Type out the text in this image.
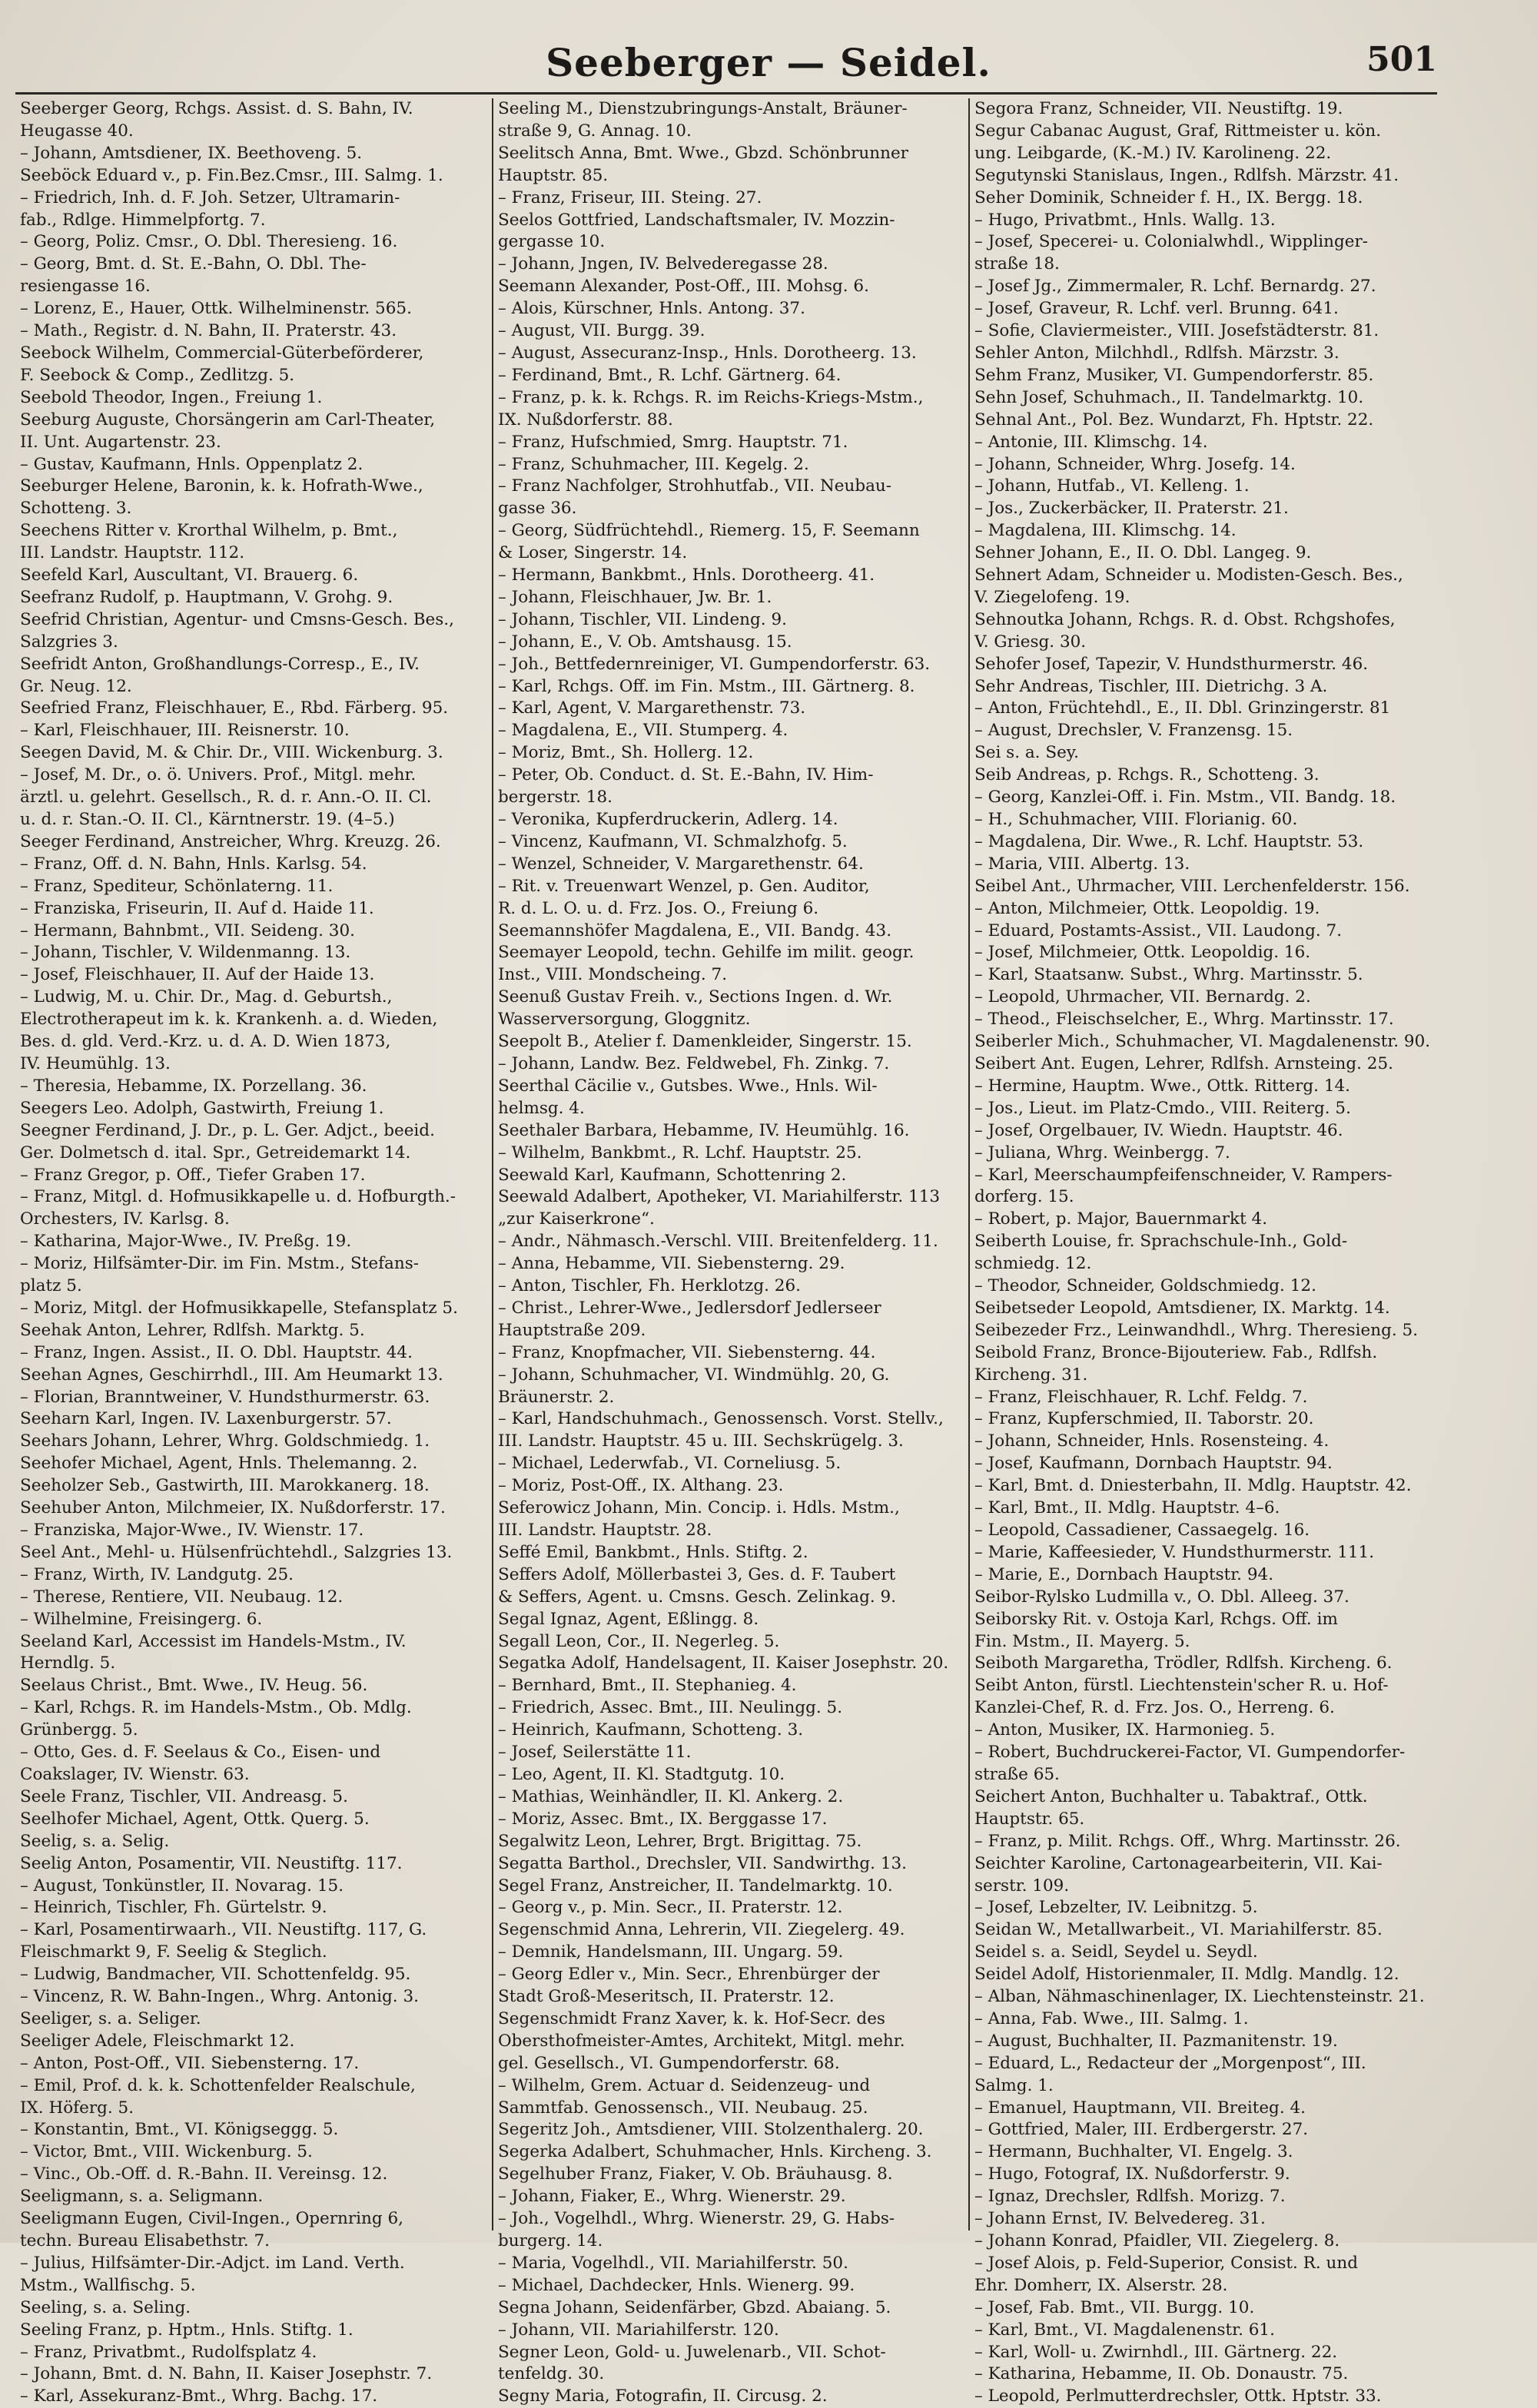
Seeberger — Seidel.	501
Seeberger Georg, Rchgs. Assist. d. S. Bahn, IV.
Heugasse 40.
– Johann, Amtsdiener, IX. Beethoveng. 5.
Seeböck Eduard v., p. Fin.Bez.Cmsr., III. Salmg. 1.
– Friedrich, Inh. d. F. Joh. Setzer, Ultramarin-
fab., Rdlge. Himmelpfortg. 7.
– Georg, Poliz. Cmsr., O. Dbl. Theresieng. 16.
– Georg, Bmt. d. St. E.-Bahn, O. Dbl. The-
resiengasse 16.
– Lorenz, E., Hauer, Ottk. Wilhelminenstr. 565.
– Math., Registr. d. N. Bahn, II. Praterstr. 43.
Seebock Wilhelm, Commercial-Güterbeförderer,
F. Seebock & Comp., Zedlitzg. 5.
Seebold Theodor, Ingen., Freiung 1.
Seeburg Auguste, Chorsängerin am Carl-Theater,
II. Unt. Augartenstr. 23.
– Gustav, Kaufmann, Hnls. Oppenplatz 2.
Seeburger Helene, Baronin, k. k. Hofrath-Wwe.,
Schotteng. 3.
Seechens Ritter v. Krorthal Wilhelm, p. Bmt.,
III. Landstr. Hauptstr. 112.
Seefeld Karl, Auscultant, VI. Brauerg. 6.
Seefranz Rudolf, p. Hauptmann, V. Grohg. 9.
Seefrid Christian, Agentur- und Cmsns-Gesch. Bes.,
Salzgries 3.
Seefridt Anton, Großhandlungs-Corresp., E., IV.
Gr. Neug. 12.
Seefried Franz, Fleischhauer, E., Rbd. Färberg. 95.
– Karl, Fleischhauer, III. Reisnerstr. 10.
Seegen David, M. & Chir. Dr., VIII. Wickenburg. 3.
– Josef, M. Dr., o. ö. Univers. Prof., Mitgl. mehr.
ärztl. u. gelehrt. Gesellsch., R. d. r. Ann.-O. II. Cl.
u. d. r. Stan.-O. II. Cl., Kärntnerstr. 19. (4–5.)
Seeger Ferdinand, Anstreicher, Whrg. Kreuzg. 26.
– Franz, Off. d. N. Bahn, Hnls. Karlsg. 54.
– Franz, Spediteur, Schönlaterng. 11.
– Franziska, Friseurin, II. Auf d. Haide 11.
– Hermann, Bahnbmt., VII. Seideng. 30.
– Johann, Tischler, V. Wildenmanng. 13.
– Josef, Fleischhauer, II. Auf der Haide 13.
– Ludwig, M. u. Chir. Dr., Mag. d. Geburtsh.,
Electrotherapeut im k. k. Krankenh. a. d. Wieden,
Bes. d. gld. Verd.-Krz. u. d. A. D. Wien 1873,
IV. Heumühlg. 13.
– Theresia, Hebamme, IX. Porzellang. 36.
Seegers Leo. Adolph, Gastwirth, Freiung 1.
Seegner Ferdinand, J. Dr., p. L. Ger. Adjct., beeid.
Ger. Dolmetsch d. ital. Spr., Getreidemarkt 14.
– Franz Gregor, p. Off., Tiefer Graben 17.
– Franz, Mitgl. d. Hofmusikkapelle u. d. Hofburgth.-
Orchesters, IV. Karlsg. 8.
– Katharina, Major-Wwe., IV. Preßg. 19.
– Moriz, Hilfsämter-Dir. im Fin. Mstm., Stefans-
platz 5.
– Moriz, Mitgl. der Hofmusikkapelle, Stefansplatz 5.
Seehak Anton, Lehrer, Rdlfsh. Marktg. 5.
– Franz, Ingen. Assist., II. O. Dbl. Hauptstr. 44.
Seehan Agnes, Geschirrhdl., III. Am Heumarkt 13.
– Florian, Branntweiner, V. Hundsthurmerstr. 63.
Seeharn Karl, Ingen. IV. Laxenburgerstr. 57.
Seehars Johann, Lehrer, Whrg. Goldschmiedg. 1.
Seehofer Michael, Agent, Hnls. Thelemanng. 2.
Seeholzer Seb., Gastwirth, III. Marokkanerg. 18.
Seehuber Anton, Milchmeier, IX. Nußdorferstr. 17.
– Franziska, Major-Wwe., IV. Wienstr. 17.
Seel Ant., Mehl- u. Hülsenfrüchtehdl., Salzgries 13.
– Franz, Wirth, IV. Landgutg. 25.
– Therese, Rentiere, VII. Neubaug. 12.
– Wilhelmine, Freisingerg. 6.
Seeland Karl, Accessist im Handels-Mstm., IV.
Herndlg. 5.
Seelaus Christ., Bmt. Wwe., IV. Heug. 56.
– Karl, Rchgs. R. im Handels-Mstm., Ob. Mdlg.
Grünbergg. 5.
– Otto, Ges. d. F. Seelaus & Co., Eisen- und
Coakslager, IV. Wienstr. 63.
Seele Franz, Tischler, VII. Andreasg. 5.
Seelhofer Michael, Agent, Ottk. Querg. 5.
Seelig, s. a. Selig.
Seelig Anton, Posamentir, VII. Neustiftg. 117.
– August, Tonkünstler, II. Novarag. 15.
– Heinrich, Tischler, Fh. Gürtelstr. 9.
– Karl, Posamentirwaarh., VII. Neustiftg. 117, G.
Fleischmarkt 9, F. Seelig & Steglich.
– Ludwig, Bandmacher, VII. Schottenfeldg. 95.
– Vincenz, R. W. Bahn-Ingen., Whrg. Antonig. 3.
Seeliger, s. a. Seliger.
Seeliger Adele, Fleischmarkt 12.
– Anton, Post-Off., VII. Siebensterng. 17.
– Emil, Prof. d. k. k. Schottenfelder Realschule,
IX. Höferg. 5.
– Konstantin, Bmt., VI. Königseggg. 5.
– Victor, Bmt., VIII. Wickenburg. 5.
– Vinc., Ob.-Off. d. R.-Bahn. II. Vereinsg. 12.
Seeligmann, s. a. Seligmann.
Seeligmann Eugen, Civil-Ingen., Opernring 6,
techn. Bureau Elisabethstr. 7.
– Julius, Hilfsämter-Dir.-Adjct. im Land. Verth.
Mstm., Wallfischg. 5.
Seeling, s. a. Seling.
Seeling Franz, p. Hptm., Hnls. Stiftg. 1.
– Franz, Privatbmt., Rudolfsplatz 4.
– Johann, Bmt. d. N. Bahn, II. Kaiser Josephstr. 7.
– Karl, Assekuranz-Bmt., Whrg. Bachg. 17.
Seeling M., Dienstzubringungs-Anstalt, Bräuner-
straße 9, G. Annag. 10.
Seelitsch Anna, Bmt. Wwe., Gbzd. Schönbrunner
Hauptstr. 85.
– Franz, Friseur, III. Steing. 27.
Seelos Gottfried, Landschaftsmaler, IV. Mozzin-
gergasse 10.
– Johann, Jngen, IV. Belvederegasse 28.
Seemann Alexander, Post-Off., III. Mohsg. 6.
– Alois, Kürschner, Hnls. Antong. 37.
– August, VII. Burgg. 39.
– August, Assecuranz-Insp., Hnls. Dorotheerg. 13.
– Ferdinand, Bmt., R. Lchf. Gärtnerg. 64.
– Franz, p. k. k. Rchgs. R. im Reichs-Kriegs-Mstm.,
IX. Nußdorferstr. 88.
– Franz, Hufschmied, Smrg. Hauptstr. 71.
– Franz, Schuhmacher, III. Kegelg. 2.
– Franz Nachfolger, Strohhutfab., VII. Neubau-
gasse 36.
– Georg, Südfrüchtehdl., Riemerg. 15, F. Seemann
& Loser, Singerstr. 14.
– Hermann, Bankbmt., Hnls. Dorotheerg. 41.
– Johann, Fleischhauer, Jw. Br. 1.
– Johann, Tischler, VII. Lindeng. 9.
– Johann, E., V. Ob. Amtshausg. 15.
– Joh., Bettfedernreiniger, VI. Gumpendorferstr. 63.
– Karl, Rchgs. Off. im Fin. Mstm., III. Gärtnerg. 8.
– Karl, Agent, V. Margarethenstr. 73.
– Magdalena, E., VII. Stumperg. 4.
– Moriz, Bmt., Sh. Hollerg. 12.
– Peter, Ob. Conduct. d. St. E.-Bahn, IV. Him-
bergerstr. 18.
– Veronika, Kupferdruckerin, Adlerg. 14.
– Vincenz, Kaufmann, VI. Schmalzhofg. 5.
– Wenzel, Schneider, V. Margarethenstr. 64.
– Rit. v. Treuenwart Wenzel, p. Gen. Auditor,
R. d. L. O. u. d. Frz. Jos. O., Freiung 6.
Seemannshöfer Magdalena, E., VII. Bandg. 43.
Seemayer Leopold, techn. Gehilfe im milit. geogr.
Inst., VIII. Mondscheing. 7.
Seenuß Gustav Freih. v., Sections Ingen. d. Wr.
Wasserversorgung, Gloggnitz.
Seepolt B., Atelier f. Damenkleider, Singerstr. 15.
– Johann, Landw. Bez. Feldwebel, Fh. Zinkg. 7.
Seerthal Cäcilie v., Gutsbes. Wwe., Hnls. Wil-
helmsg. 4.
Seethaler Barbara, Hebamme, IV. Heumühlg. 16.
– Wilhelm, Bankbmt., R. Lchf. Hauptstr. 25.
Seewald Karl, Kaufmann, Schottenring 2.
Seewald Adalbert, Apotheker, VI. Mariahilferstr. 113
„zur Kaiserkrone“.
– Andr., Nähmasch.-Verschl. VIII. Breitenfelderg. 11.
– Anna, Hebamme, VII. Siebensterng. 29.
– Anton, Tischler, Fh. Herklotzg. 26.
– Christ., Lehrer-Wwe., Jedlersdorf Jedlerseer
Hauptstraße 209.
– Franz, Knopfmacher, VII. Siebensterng. 44.
– Johann, Schuhmacher, VI. Windmühlg. 20, G.
Bräunerstr. 2.
– Karl, Handschuhmach., Genossensch. Vorst. Stellv.,
III. Landstr. Hauptstr. 45 u. III. Sechskrügelg. 3.
– Michael, Lederwfab., VI. Corneliusg. 5.
– Moriz, Post-Off., IX. Althang. 23.
Seferowicz Johann, Min. Concip. i. Hdls. Mstm.,
III. Landstr. Hauptstr. 28.
Seffé Emil, Bankbmt., Hnls. Stiftg. 2.
Seffers Adolf, Möllerbastei 3, Ges. d. F. Taubert
& Seffers, Agent. u. Cmsns. Gesch. Zelinkag. 9.
Segal Ignaz, Agent, Eßlingg. 8.
Segall Leon, Cor., II. Negerleg. 5.
Segatka Adolf, Handelsagent, II. Kaiser Josephstr. 20.
– Bernhard, Bmt., II. Stephanieg. 4.
– Friedrich, Assec. Bmt., III. Neulingg. 5.
– Heinrich, Kaufmann, Schotteng. 3.
– Josef, Seilerstätte 11.
– Leo, Agent, II. Kl. Stadtgutg. 10.
– Mathias, Weinhändler, II. Kl. Ankerg. 2.
– Moriz, Assec. Bmt., IX. Berggasse 17.
Segalwitz Leon, Lehrer, Brgt. Brigittag. 75.
Segatta Barthol., Drechsler, VII. Sandwirthg. 13.
Segel Franz, Anstreicher, II. Tandelmarktg. 10.
– Georg v., p. Min. Secr., II. Praterstr. 12.
Segenschmid Anna, Lehrerin, VII. Ziegelerg. 49.
– Demnik, Handelsmann, III. Ungarg. 59.
– Georg Edler v., Min. Secr., Ehrenbürger der
Stadt Groß-Meseritsch, II. Praterstr. 12.
Segenschmidt Franz Xaver, k. k. Hof-Secr. des
Obersthofmeister-Amtes, Architekt, Mitgl. mehr.
gel. Gesellsch., VI. Gumpendorferstr. 68.
– Wilhelm, Grem. Actuar d. Seidenzeug- und
Sammtfab. Genossensch., VII. Neubaug. 25.
Segeritz Joh., Amtsdiener, VIII. Stolzenthalerg. 20.
Segerka Adalbert, Schuhmacher, Hnls. Kircheng. 3.
Segelhuber Franz, Fiaker, V. Ob. Bräuhausg. 8.
– Johann, Fiaker, E., Whrg. Wienerstr. 29.
– Joh., Vogelhdl., Whrg. Wienerstr. 29, G. Habs-
burgerg. 14.
– Maria, Vogelhdl., VII. Mariahilferstr. 50.
– Michael, Dachdecker, Hnls. Wienerg. 99.
Segna Johann, Seidenfärber, Gbzd. Abaiang. 5.
– Johann, VII. Mariahilferstr. 120.
Segner Leon, Gold- u. Juwelenarb., VII. Schot-
tenfeldg. 30.
Segny Maria, Fotografin, II. Circusg. 2.
Segora Franz, Schneider, VII. Neustiftg. 19.
Segur Cabanac August, Graf, Rittmeister u. kön.
ung. Leibgarde, (K.-M.) IV. Karolineng. 22.
Segutynski Stanislaus, Ingen., Rdlfsh. Märzstr. 41.
Seher Dominik, Schneider f. H., IX. Bergg. 18.
– Hugo, Privatbmt., Hnls. Wallg. 13.
– Josef, Specerei- u. Colonialwhdl., Wipplinger-
straße 18.
– Josef Jg., Zimmermaler, R. Lchf. Bernardg. 27.
– Josef, Graveur, R. Lchf. verl. Brunng. 641.
– Sofie, Claviermeister., VIII. Josefstädterstr. 81.
Sehler Anton, Milchhdl., Rdlfsh. Märzstr. 3.
Sehm Franz, Musiker, VI. Gumpendorferstr. 85.
Sehn Josef, Schuhmach., II. Tandelmarktg. 10.
Sehnal Ant., Pol. Bez. Wundarzt, Fh. Hptstr. 22.
– Antonie, III. Klimschg. 14.
– Johann, Schneider, Whrg. Josefg. 14.
– Johann, Hutfab., VI. Kelleng. 1.
– Jos., Zuckerbäcker, II. Praterstr. 21.
– Magdalena, III. Klimschg. 14.
Sehner Johann, E., II. O. Dbl. Langeg. 9.
Sehnert Adam, Schneider u. Modisten-Gesch. Bes.,
V. Ziegelofeng. 19.
Sehnoutka Johann, Rchgs. R. d. Obst. Rchgshofes,
V. Griesg. 30.
Sehofer Josef, Tapezir, V. Hundsthurmerstr. 46.
Sehr Andreas, Tischler, III. Dietrichg. 3 A.
– Anton, Früchtehdl., E., II. Dbl. Grinzingerstr. 81
– August, Drechsler, V. Franzensg. 15.
Sei s. a. Sey.
Seib Andreas, p. Rchgs. R., Schotteng. 3.
– Georg, Kanzlei-Off. i. Fin. Mstm., VII. Bandg. 18.
– H., Schuhmacher, VIII. Florianig. 60.
– Magdalena, Dir. Wwe., R. Lchf. Hauptstr. 53.
– Maria, VIII. Albertg. 13.
Seibel Ant., Uhrmacher, VIII. Lerchenfelderstr. 156.
– Anton, Milchmeier, Ottk. Leopoldig. 19.
– Eduard, Postamts-Assist., VII. Laudong. 7.
– Josef, Milchmeier, Ottk. Leopoldig. 16.
– Karl, Staatsanw. Subst., Whrg. Martinsstr. 5.
– Leopold, Uhrmacher, VII. Bernardg. 2.
– Theod., Fleischselcher, E., Whrg. Martinsstr. 17.
Seiberler Mich., Schuhmacher, VI. Magdalenenstr. 90.
Seibert Ant. Eugen, Lehrer, Rdlfsh. Arnsteing. 25.
– Hermine, Hauptm. Wwe., Ottk. Ritterg. 14.
– Jos., Lieut. im Platz-Cmdo., VIII. Reiterg. 5.
– Josef, Orgelbauer, IV. Wiedn. Hauptstr. 46.
– Juliana, Whrg. Weinbergg. 7.
– Karl, Meerschaumpfeifenschneider, V. Rampers-
dorferg. 15.
– Robert, p. Major, Bauernmarkt 4.
Seiberth Louise, fr. Sprachschule-Inh., Gold-
schmiedg. 12.
– Theodor, Schneider, Goldschmiedg. 12.
Seibetseder Leopold, Amtsdiener, IX. Marktg. 14.
Seibezeder Frz., Leinwandhdl., Whrg. Theresieng. 5.
Seibold Franz, Bronce-Bijouteriew. Fab., Rdlfsh.
Kircheng. 31.
– Franz, Fleischhauer, R. Lchf. Feldg. 7.
– Franz, Kupferschmied, II. Taborstr. 20.
– Johann, Schneider, Hnls. Rosensteing. 4.
– Josef, Kaufmann, Dornbach Hauptstr. 94.
– Karl, Bmt. d. Dniesterbahn, II. Mdlg. Hauptstr. 42.
– Karl, Bmt., II. Mdlg. Hauptstr. 4–6.
– Leopold, Cassadiener, Cassaegelg. 16.
– Marie, Kaffeesieder, V. Hundsthurmerstr. 111.
– Marie, E., Dornbach Hauptstr. 94.
Seibor-Rylsko Ludmilla v., O. Dbl. Alleeg. 37.
Seiborsky Rit. v. Ostoja Karl, Rchgs. Off. im
Fin. Mstm., II. Mayerg. 5.
Seiboth Margaretha, Trödler, Rdlfsh. Kircheng. 6.
Seibt Anton, fürstl. Liechtenstein'scher R. u. Hof-
Kanzlei-Chef, R. d. Frz. Jos. O., Herreng. 6.
– Anton, Musiker, IX. Harmonieg. 5.
– Robert, Buchdruckerei-Factor, VI. Gumpendorfer-
straße 65.
Seichert Anton, Buchhalter u. Tabaktraf., Ottk.
Hauptstr. 65.
– Franz, p. Milit. Rchgs. Off., Whrg. Martinsstr. 26.
Seichter Karoline, Cartonagearbeiterin, VII. Kai-
serstr. 109.
– Josef, Lebzelter, IV. Leibnitzg. 5.
Seidan W., Metallwarbeit., VI. Mariahilferstr. 85.
Seidel s. a. Seidl, Seydel u. Seydl.
Seidel Adolf, Historienmaler, II. Mdlg. Mandlg. 12.
– Alban, Nähmaschinenlager, IX. Liechtensteinstr. 21.
– Anna, Fab. Wwe., III. Salmg. 1.
– August, Buchhalter, II. Pazmanitenstr. 19.
– Eduard, L., Redacteur der „Morgenpost“, III.
Salmg. 1.
– Emanuel, Hauptmann, VII. Breiteg. 4.
– Gottfried, Maler, III. Erdbergerstr. 27.
– Hermann, Buchhalter, VI. Engelg. 3.
– Hugo, Fotograf, IX. Nußdorferstr. 9.
– Ignaz, Drechsler, Rdlfsh. Morizg. 7.
– Johann Ernst, IV. Belvedereg. 31.
– Johann Konrad, Pfaidler, VII. Ziegelerg. 8.
– Josef Alois, p. Feld-Superior, Consist. R. und
Ehr. Domherr, IX. Alserstr. 28.
– Josef, Fab. Bmt., VII. Burgg. 10.
– Karl, Bmt., VI. Magdalenenstr. 61.
– Karl, Woll- u. Zwirnhdl., III. Gärtnerg. 22.
– Katharina, Hebamme, II. Ob. Donaustr. 75.
– Leopold, Perlmutterdrechsler, Ottk. Hptstr. 33.
